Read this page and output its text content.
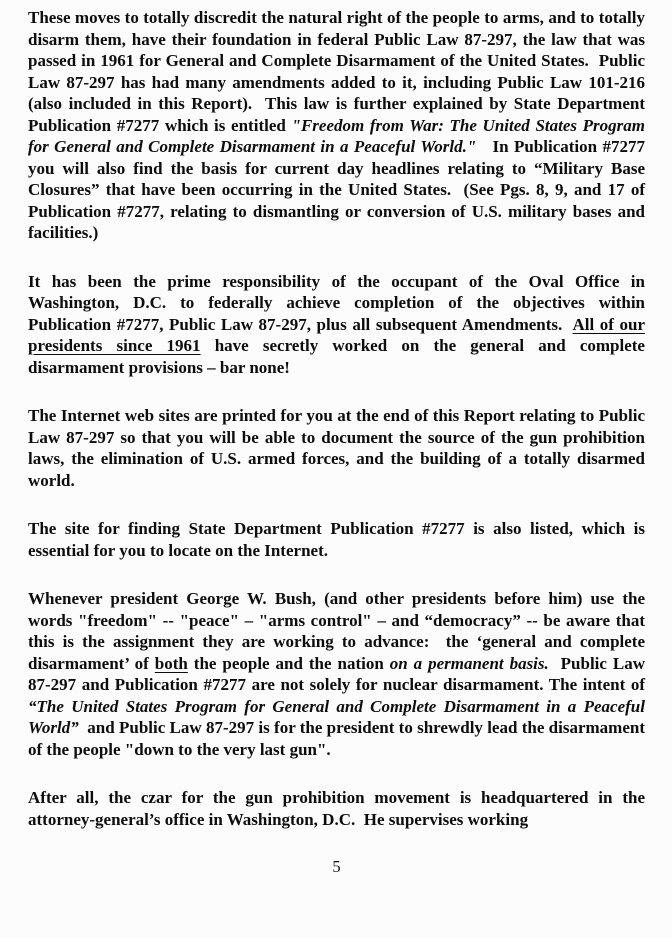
These moves to totally discredit the natural right of the people to arms, and to totally disarm them, have their foundation in federal Public Law 87-297, the law that was passed in 1961 for General and Complete Disarmament of the United States.  Public Law 87-297 has had many amendments added to it, including Public Law 101-216 (also included in this Report).  This law is further explained by State Department Publication #7277 which is entitled "Freedom from War: The United States Program for General and Complete Disarmament in a Peaceful World."   In Publication #7277 you will also find the basis for current day headlines relating to “Military Base Closures” that have been occurring in the United States.  (See Pgs. 8, 9, and 17 of Publication #7277, relating to dismantling or conversion of U.S. military bases and facilities.)

It has been the prime responsibility of the occupant of the Oval Office in Washington, D.C. to federally achieve completion of the objectives within Publication #7277, Public Law 87-297, plus all subsequent Amendments.  All of our presidents since 1961 have secretly worked on the general and complete disarmament provisions – bar none!

The Internet web sites are printed for you at the end of this Report relating to Public Law 87-297 so that you will be able to document the source of the gun prohibition laws, the elimination of U.S. armed forces, and the building of a totally disarmed world.

The site for finding State Department Publication #7277 is also listed, which is essential for you to locate on the Internet.

Whenever president George W. Bush, (and other presidents before him) use the words "freedom" -- "peace" – "arms control" – and “democracy” -- be aware that this is the assignment they are working to advance:  the ‘general and complete disarmament’ of both the people and the nation on a permanent basis.  Public Law 87-297 and Publication #7277 are not solely for nuclear disarmament. The intent of “The United States Program for General and Complete Disarmament in a Peaceful World”  and Public Law 87-297 is for the president to shrewdly lead the disarmament of the people "down to the very last gun".

After all, the czar for the gun prohibition movement is headquartered in the attorney-general’s office in Washington, D.C.  He supervises working

5
